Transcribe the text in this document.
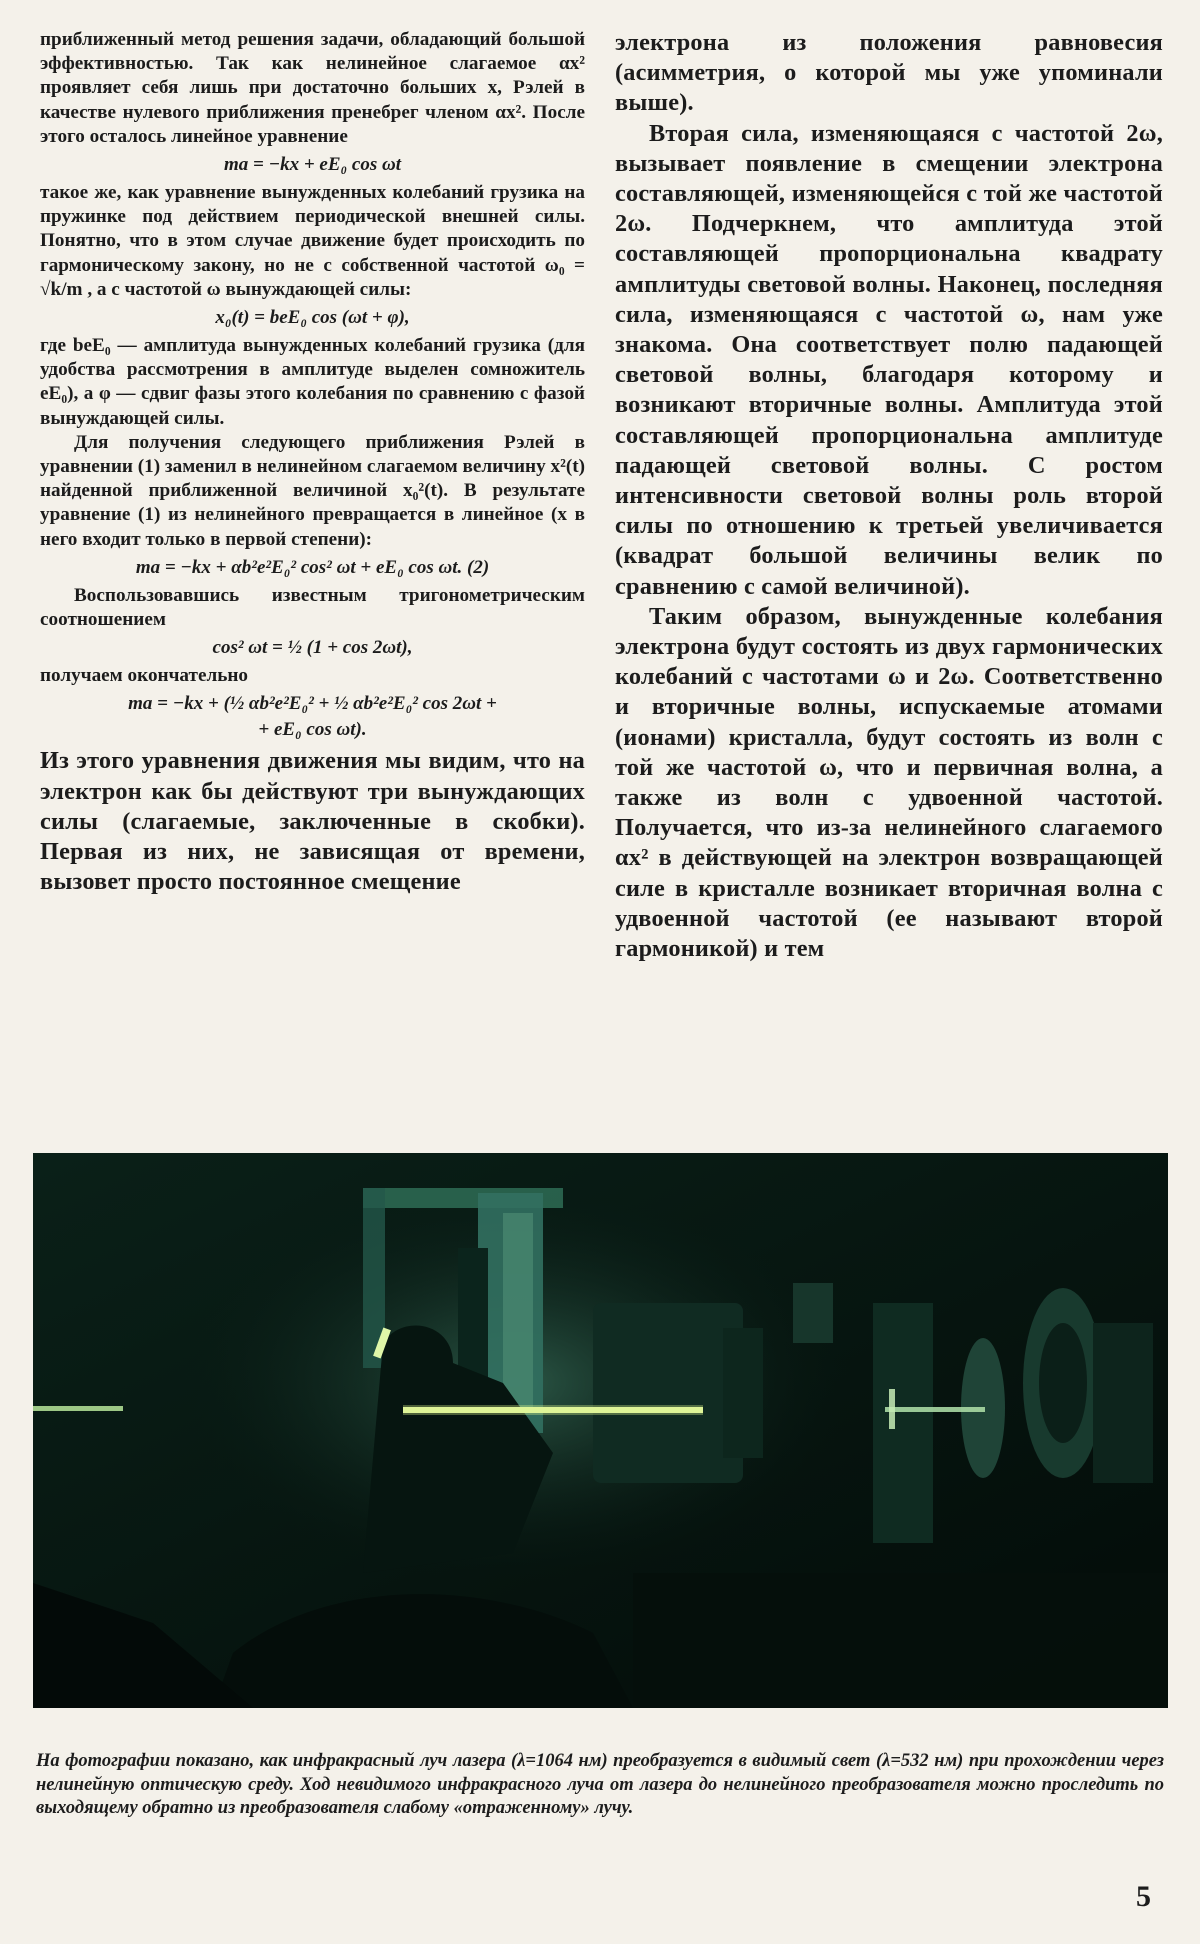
приближенный метод решения задачи, обладающий большой эффективностью. Так как нелинейное слагаемое αx² проявляет себя лишь при достаточно больших x, Рэлей в качестве нулевого приближения пренебрег членом αx². После этого осталось линейное уравнение

ma = −kx + eE₀ cos ωt

такое же, как уравнение вынужденных колебаний грузика на пружинке под действием периодической внешней силы. Понятно, что в этом случае движение будет происходить по гармоническому закону, но не с собственной частотой ω₀ = √k/m , а с частотой ω вынуждающей силы:

x₀(t) = beE₀ cos (ωt + φ),

где beE₀ — амплитуда вынужденных колебаний грузика (для удобства рассмотрения в амплитуде выделен сомножитель eE₀), а φ — сдвиг фазы этого колебания по сравнению с фазой вынуждающей силы.

Для получения следующего приближения Рэлей в уравнении (1) заменил в нелинейном слагаемом величину x²(t) найденной приближенной величиной x₀²(t). В результате уравнение (1) из нелинейного превращается в линейное (x в него входит только в первой степени):

ma = −kx + αb²e²E₀² cos² ωt + eE₀ cos ωt. (2)

Воспользовавшись известным тригонометрическим соотношением

cos² ωt = ½ (1 + cos 2ωt),

получаем окончательно

ma = −kx + (½ αb²e²E₀² + ½ αb²e²E₀² cos 2ωt +

+ eE₀ cos ωt).

Из этого уравнения движения мы видим, что на электрон как бы действуют три вынуждающих силы (слагаемые, заключенные в скобки). Первая из них, не зависящая от времени, вызовет просто постоянное смещение

электрона из положения равновесия (асимметрия, о которой мы уже упоминали выше).

Вторая сила, изменяющаяся с частотой 2ω, вызывает появление в смещении электрона составляющей, изменяющейся с той же частотой 2ω. Подчеркнем, что амплитуда этой составляющей пропорциональна квадрату амплитуды световой волны. Наконец, последняя сила, изменяющаяся с частотой ω, нам уже знакома. Она соответствует полю падающей световой волны, благодаря которому и возникают вторичные волны. Амплитуда этой составляющей пропорциональна амплитуде падающей световой волны. С ростом интенсивности световой волны роль второй силы по отношению к третьей увеличивается (квадрат большой величины велик по сравнению с самой величиной).

Таким образом, вынужденные колебания электрона будут состоять из двух гармонических колебаний с частотами ω и 2ω. Соответственно и вторичные волны, испускаемые атомами (ионами) кристалла, будут состоять из волн с той же частотой ω, что и первичная волна, а также из волн с удвоенной частотой. Получается, что из-за нелинейного слагаемого αx² в действующей на электрон возвращающей силе в кристалле возникает вторичная волна с удвоенной частотой (ее называют второй гармоникой) и тем

На фотографии показано, как инфракрасный луч лазера (λ=1064 нм) преобразуется в видимый свет (λ=532 нм) при прохождении через нелинейную оптическую среду. Ход невидимого инфракрасного луча от лазера до нелинейного преобразователя можно проследить по выходящему обратно из преобразователя слабому «отраженному» лучу.

5
